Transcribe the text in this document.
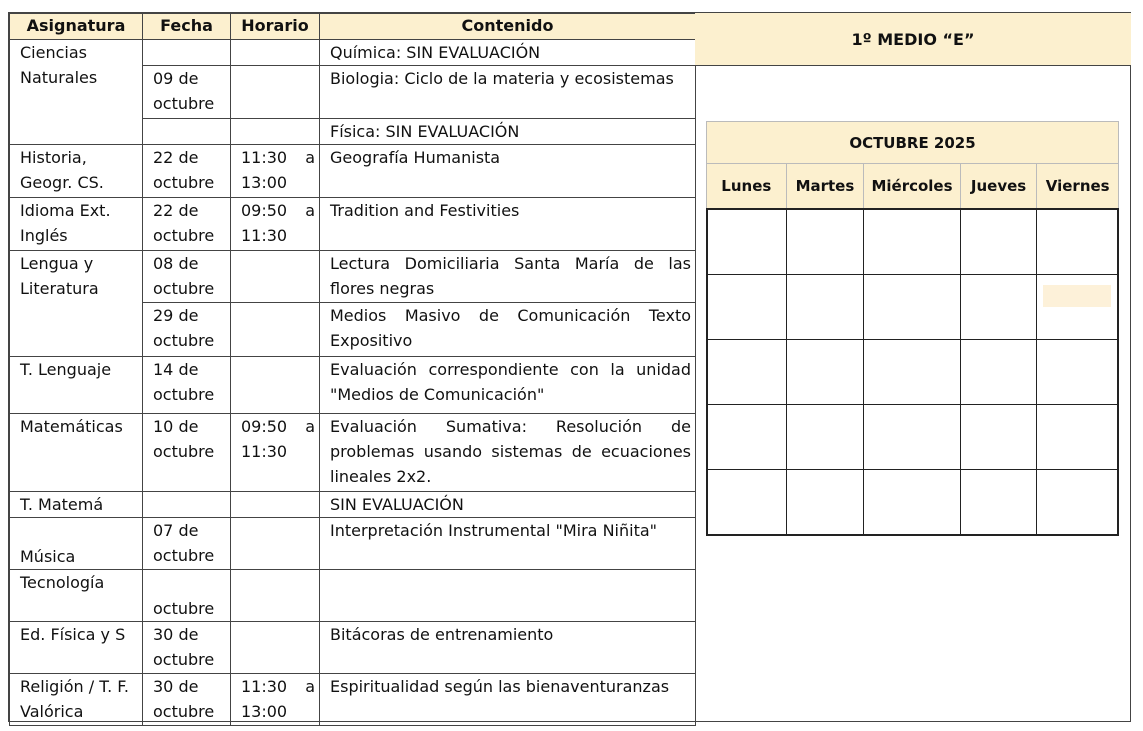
Asignatura	Fecha	Horario	Contenido
Ciencias Naturales			Química: SIN EVALUACIÓN
	09 de octubre		Biologia: Ciclo de la materia y ecosistemas
			Física: SIN EVALUACIÓN
Historia, Geogr. CS.	22 de octubre	11:30 a 13:00	Geografía Humanista
Idioma Ext. Inglés	22 de octubre	09:50 a 11:30	Tradition and Festivities
Lengua y Literatura	08 de octubre		Lectura Domiciliaria Santa María de las flores negras
	29 de octubre		Medios Masivo de Comunicación Texto Expositivo
T. Lenguaje	14 de octubre		Evaluación correspondiente con la unidad "Medios de Comunicación"
Matemáticas	10 de octubre	09:50 a 11:30	Evaluación Sumativa: Resolución de problemas usando sistemas de ecuaciones lineales 2x2.
T. Matemá			SIN EVALUACIÓN
Música	07 de octubre		Interpretación Instrumental "Mira Niñita"
Tecnología	octubre		
Ed. Física y S	30 de octubre		Bitácoras de entrenamiento
Religión / T. F. Valórica	30 de octubre	11:30 a 13:00	Espiritualidad según las bienaventuranzas
1º MEDIO “E”
OCTUBRE 2025
Lunes	Martes	Miércoles	Jueves	Viernes
